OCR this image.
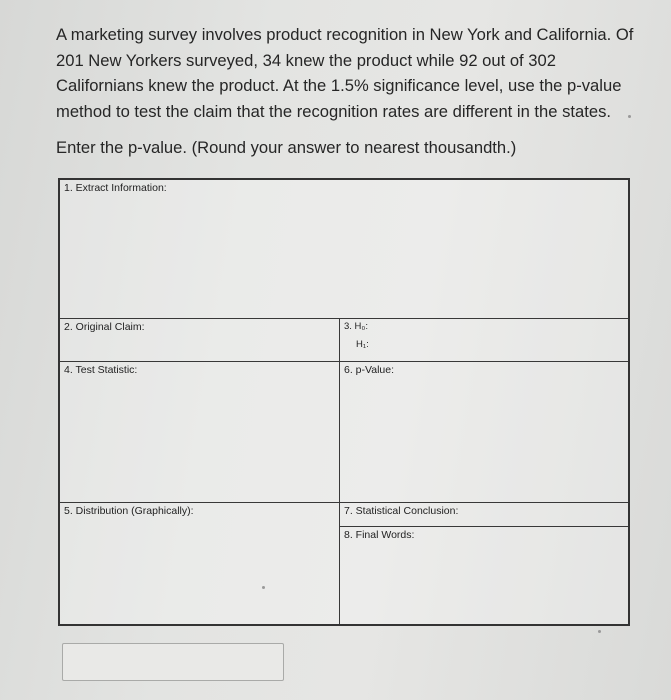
A marketing survey involves product recognition in New York and California. Of
201 New Yorkers surveyed, 34 knew the product while 92 out of 302
Californians knew the product. At the 1.5% significance level, use the p-value
method to test the claim that the recognition rates are different in the states.
Enter the p-value. (Round your answer to nearest thousandth.)
1. Extract Information:
2. Original Claim:	3. H₀:
H₁:
4. Test Statistic:	6. p-Value:
5. Distribution (Graphically):	7. Statistical Conclusion:
8. Final Words:
